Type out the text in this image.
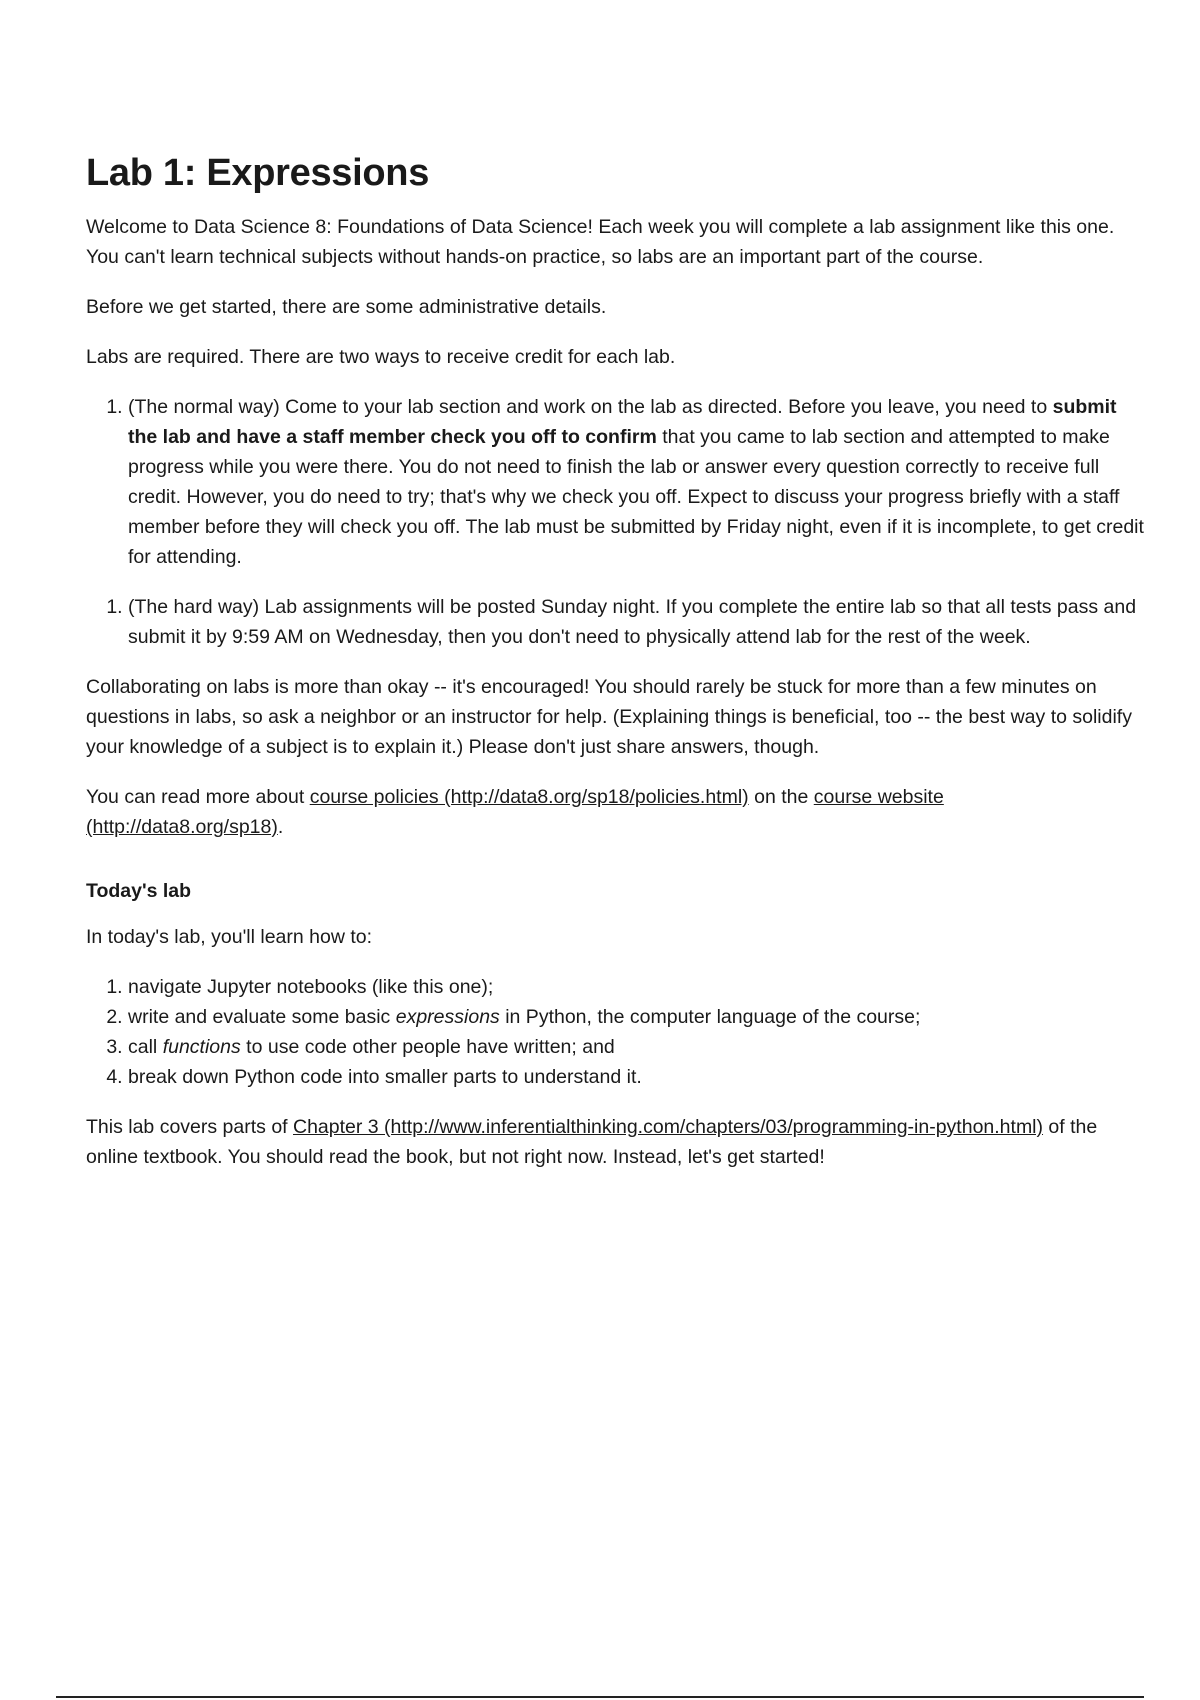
Lab 1: Expressions

Welcome to Data Science 8: Foundations of Data Science! Each week you will complete a lab assignment like this one. You can't learn technical subjects without hands-on practice, so labs are an important part of the course.

Before we get started, there are some administrative details.

Labs are required. There are two ways to receive credit for each lab.

1. (The normal way) Come to your lab section and work on the lab as directed. Before you leave, you need to submit the lab and have a staff member check you off to confirm that you came to lab section and attempted to make progress while you were there. You do not need to finish the lab or answer every question correctly to receive full credit. However, you do need to try; that's why we check you off. Expect to discuss your progress briefly with a staff member before they will check you off. The lab must be submitted by Friday night, even if it is incomplete, to get credit for attending.
1. (The hard way) Lab assignments will be posted Sunday night. If you complete the entire lab so that all tests pass and submit it by 9:59 AM on Wednesday, then you don't need to physically attend lab for the rest of the week.

Collaborating on labs is more than okay -- it's encouraged! You should rarely be stuck for more than a few minutes on questions in labs, so ask a neighbor or an instructor for help. (Explaining things is beneficial, too -- the best way to solidify your knowledge of a subject is to explain it.) Please don't just share answers, though.

You can read more about course policies (http://data8.org/sp18/policies.html) on the course website (http://data8.org/sp18).

Today's lab

In today's lab, you'll learn how to:

1. navigate Jupyter notebooks (like this one);
2. write and evaluate some basic expressions in Python, the computer language of the course;
3. call functions to use code other people have written; and
4. break down Python code into smaller parts to understand it.

This lab covers parts of Chapter 3 (http://www.inferentialthinking.com/chapters/03/programming-in-python.html) of the online textbook. You should read the book, but not right now. Instead, let's get started!
